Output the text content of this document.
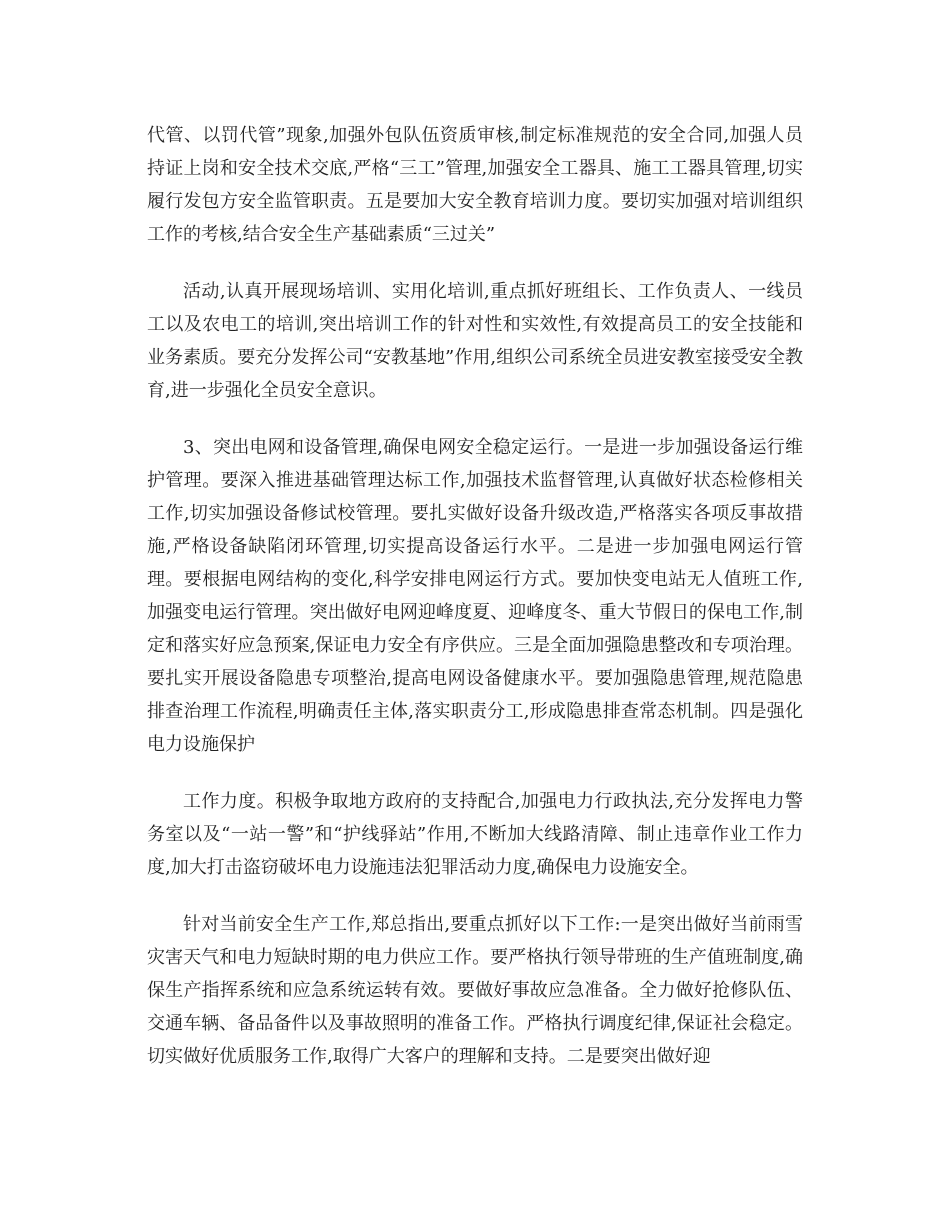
代管、以罚代管”现象,加强外包队伍资质审核,制定标准规范的安全合同,加强人员持证上岗和安全技术交底,严格“三工”管理,加强安全工器具、施工工器具管理,切实履行发包方安全监管职责。五是要加大安全教育培训力度。要切实加强对培训组织工作的考核,结合安全生产基础素质“三过关”

活动,认真开展现场培训、实用化培训,重点抓好班组长、工作负责人、一线员工以及农电工的培训,突出培训工作的针对性和实效性,有效提高员工的安全技能和业务素质。要充分发挥公司“安教基地”作用,组织公司系统全员进安教室接受安全教育,进一步强化全员安全意识。

3、突出电网和设备管理,确保电网安全稳定运行。一是进一步加强设备运行维护管理。要深入推进基础管理达标工作,加强技术监督管理,认真做好状态检修相关工作,切实加强设备修试校管理。要扎实做好设备升级改造,严格落实各项反事故措施,严格设备缺陷闭环管理,切实提高设备运行水平。二是进一步加强电网运行管理。要根据电网结构的变化,科学安排电网运行方式。要加快变电站无人值班工作,加强变电运行管理。突出做好电网迎峰度夏、迎峰度冬、重大节假日的保电工作,制定和落实好应急预案,保证电力安全有序供应。三是全面加强隐患整改和专项治理。要扎实开展设备隐患专项整治,提高电网设备健康水平。要加强隐患管理,规范隐患排查治理工作流程,明确责任主体,落实职责分工,形成隐患排查常态机制。四是强化电力设施保护

工作力度。积极争取地方政府的支持配合,加强电力行政执法,充分发挥电力警务室以及“一站一警”和“护线驿站”作用,不断加大线路清障、制止违章作业工作力度,加大打击盗窃破坏电力设施违法犯罪活动力度,确保电力设施安全。

针对当前安全生产工作,郑总指出,要重点抓好以下工作:一是突出做好当前雨雪灾害天气和电力短缺时期的电力供应工作。要严格执行领导带班的生产值班制度,确保生产指挥系统和应急系统运转有效。要做好事故应急准备。全力做好抢修队伍、交通车辆、备品备件以及事故照明的准备工作。严格执行调度纪律,保证社会稳定。切实做好优质服务工作,取得广大客户的理解和支持。二是要突出做好迎
